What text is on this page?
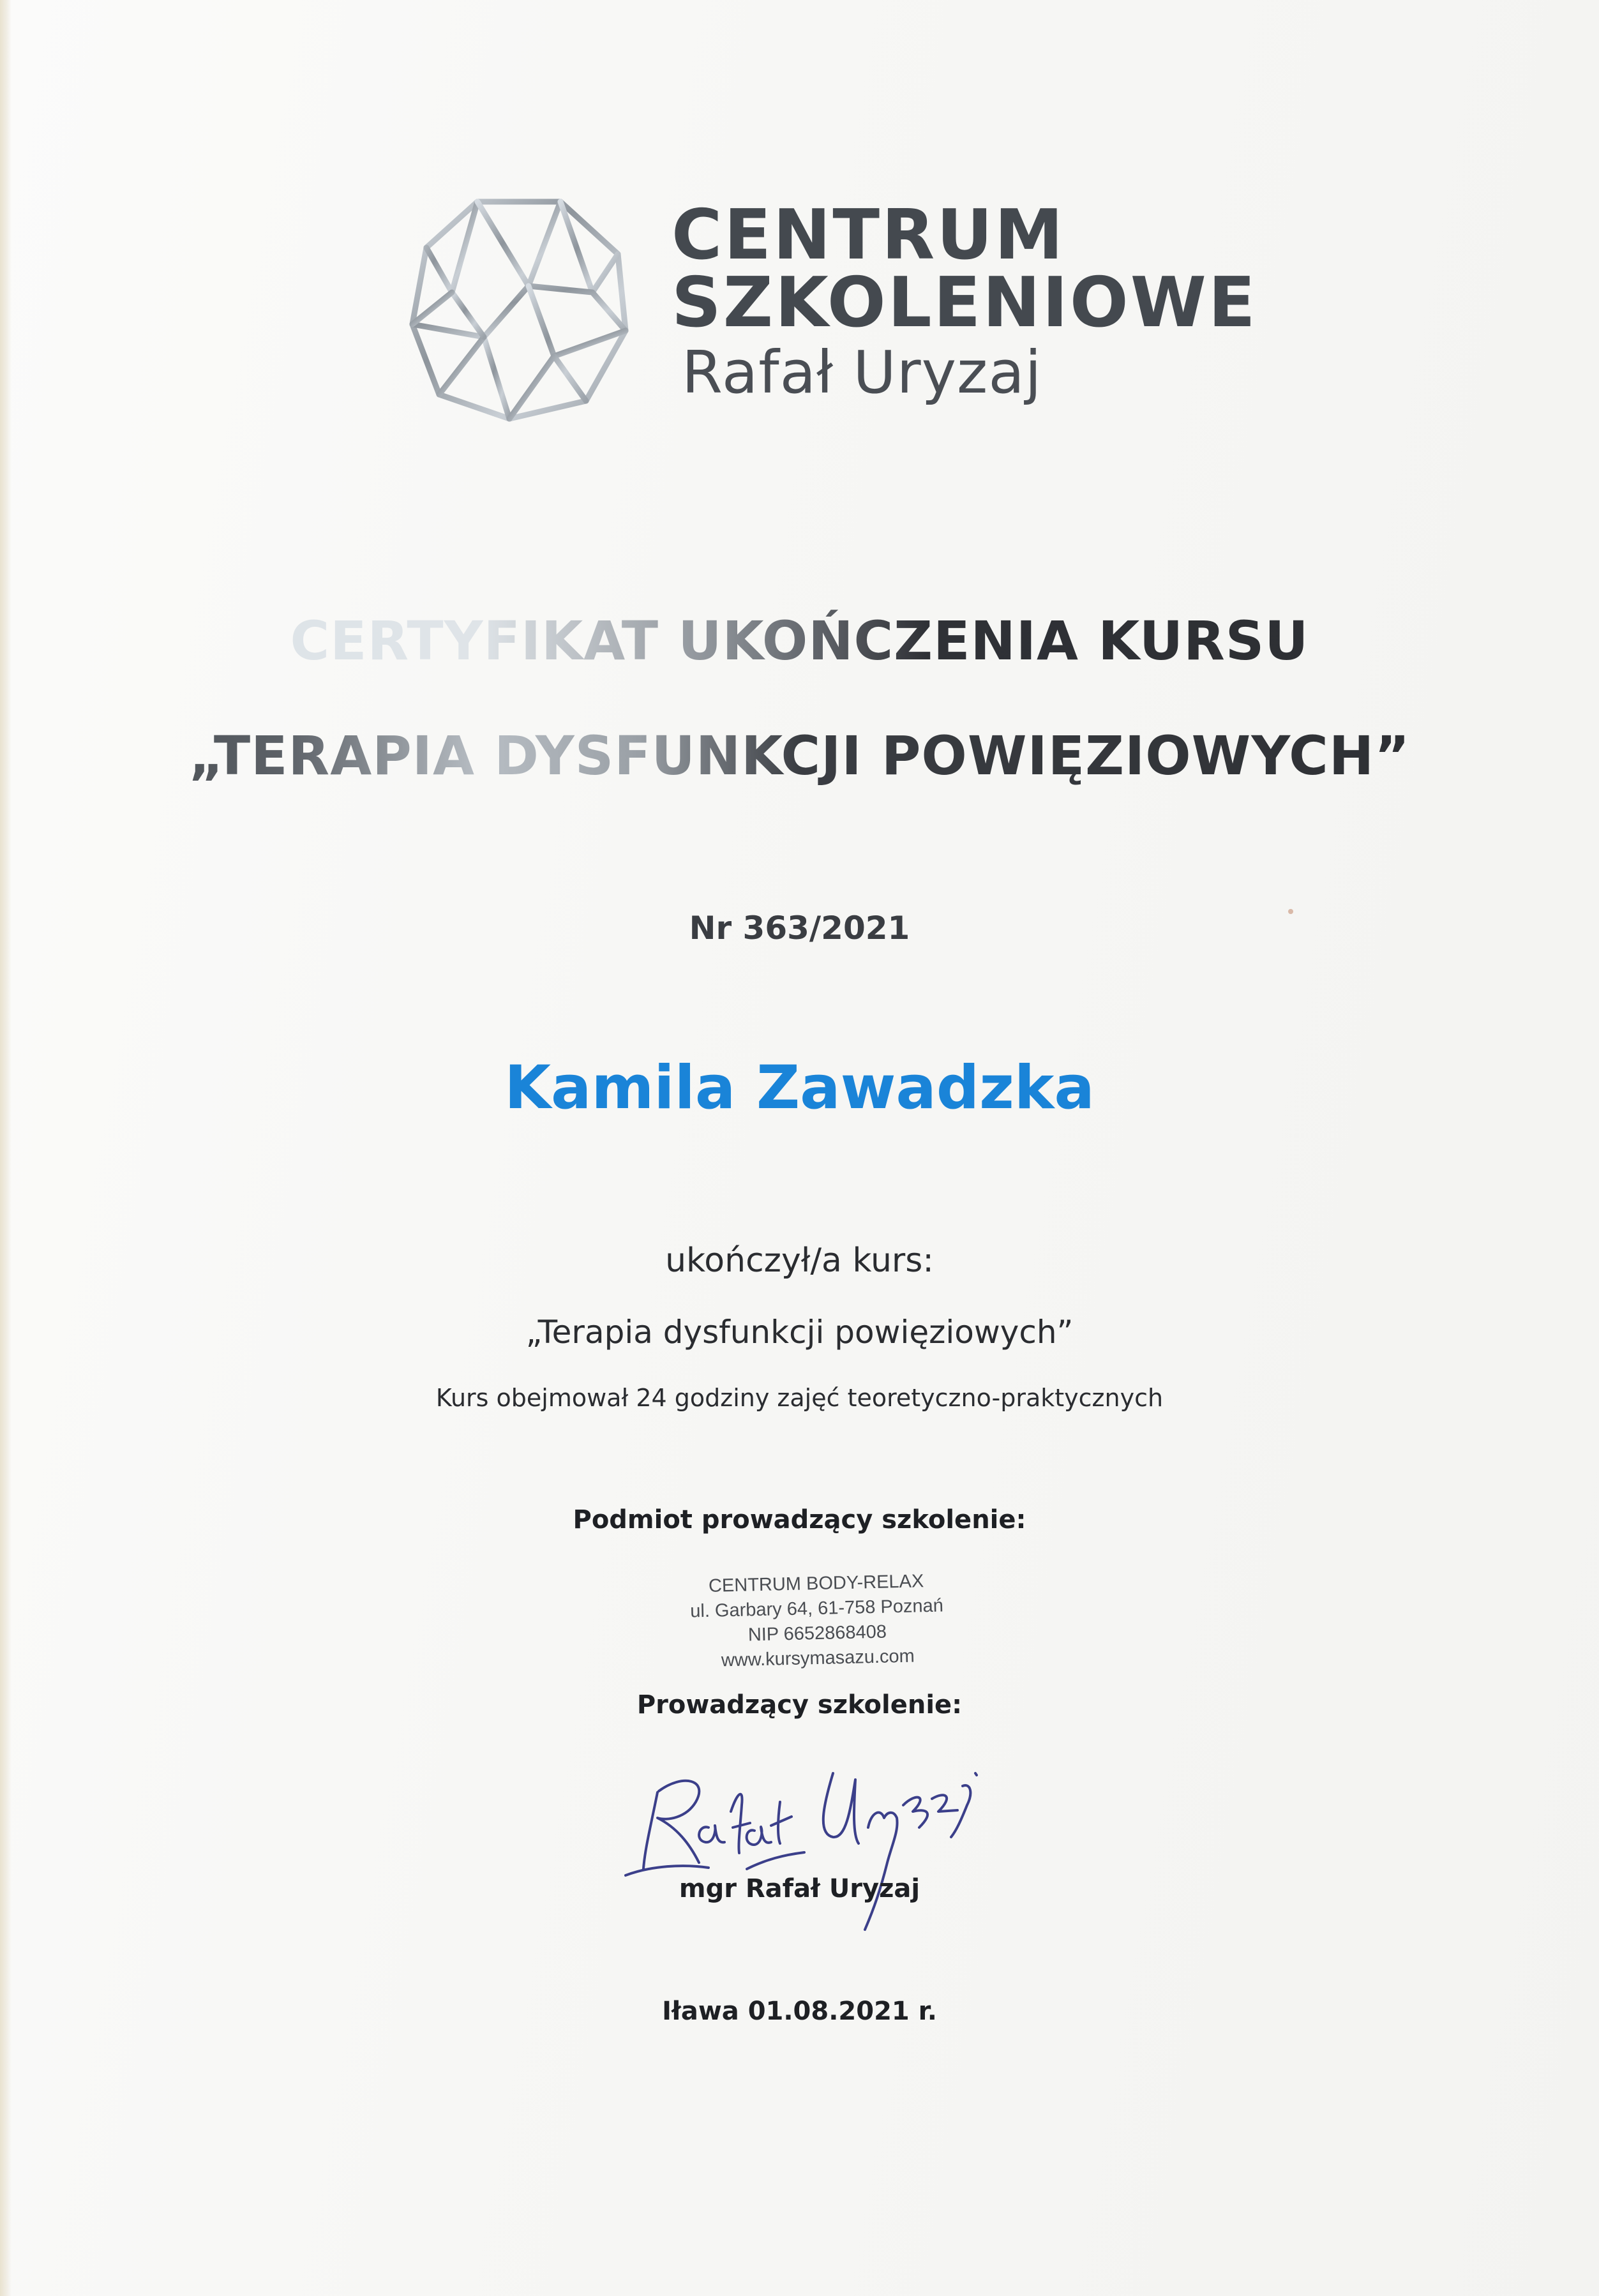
CENTRUM
SZKOLENIOWE
Rafał Uryzaj
CERTYFIKAT UKOŃCZENIA KURSU
„TERAPIA DYSFUNKCJI POWIĘZIOWYCH”
Nr 363/2021
Kamila Zawadzka
ukończył/a kurs:
„Terapia dysfunkcji powięziowych”
Kurs obejmował 24 godziny zajęć teoretyczno-praktycznych
Podmiot prowadzący szkolenie:
CENTRUM BODY-RELAX
ul. Garbary 64, 61-758 Poznań
NIP 6652868408
www.kursymasazu.com
Prowadzący szkolenie:
mgr Rafał Uryzaj
Iława 01.08.2021 r.
